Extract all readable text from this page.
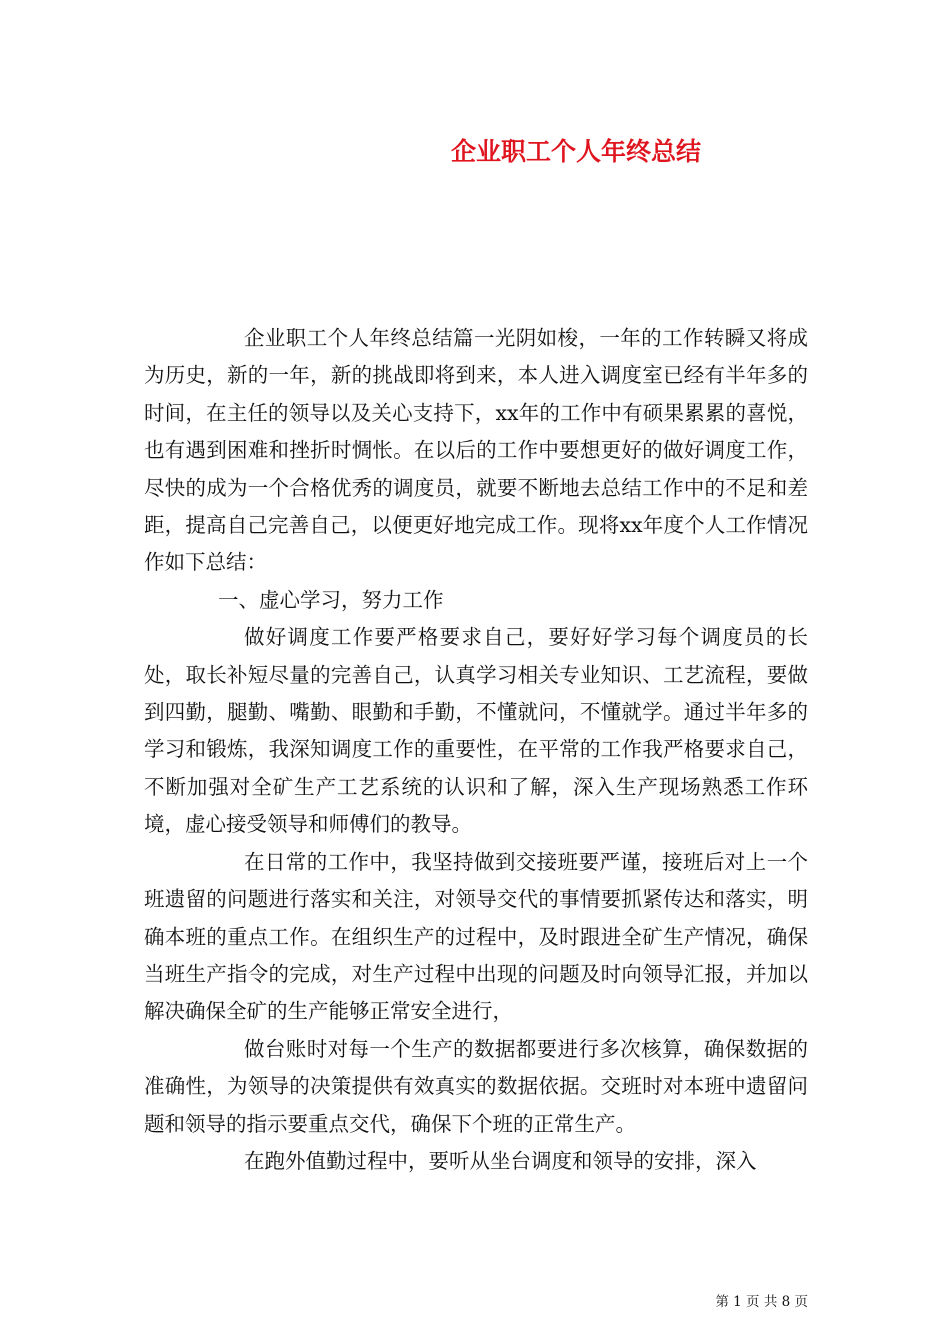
企业职工个人年终总结

企业职工个人年终总结篇一光阴如梭，一年的工作转瞬又将成为历史，新的一年，新的挑战即将到来，本人进入调度室已经有半年多的时间，在主任的领导以及关心支持下，xx年的工作中有硕果累累的喜悦，也有遇到困难和挫折时惆怅。在以后的工作中要想更好的做好调度工作，尽快的成为一个合格优秀的调度员，就要不断地去总结工作中的不足和差距，提高自己完善自己，以便更好地完成工作。现将xx年度个人工作情况作如下总结：

一、虚心学习，努力工作

做好调度工作要严格要求自己，要好好学习每个调度员的长处，取长补短尽量的完善自己，认真学习相关专业知识、工艺流程，要做到四勤，腿勤、嘴勤、眼勤和手勤，不懂就问，不懂就学。通过半年多的学习和锻炼，我深知调度工作的重要性，在平常的工作我严格要求自己，不断加强对全矿生产工艺系统的认识和了解，深入生产现场熟悉工作环境，虚心接受领导和师傅们的教导。

在日常的工作中，我坚持做到交接班要严谨，接班后对上一个班遗留的问题进行落实和关注，对领导交代的事情要抓紧传达和落实，明确本班的重点工作。在组织生产的过程中，及时跟进全矿生产情况，确保当班生产指令的完成，对生产过程中出现的问题及时向领导汇报，并加以解决确保全矿的生产能够正常安全进行，

做台账时对每一个生产的数据都要进行多次核算，确保数据的准确性，为领导的决策提供有效真实的数据依据。交班时对本班中遗留问题和领导的指示要重点交代，确保下个班的正常生产。

在跑外值勤过程中，要听从坐台调度和领导的安排，深入

第 1 页 共 8 页
